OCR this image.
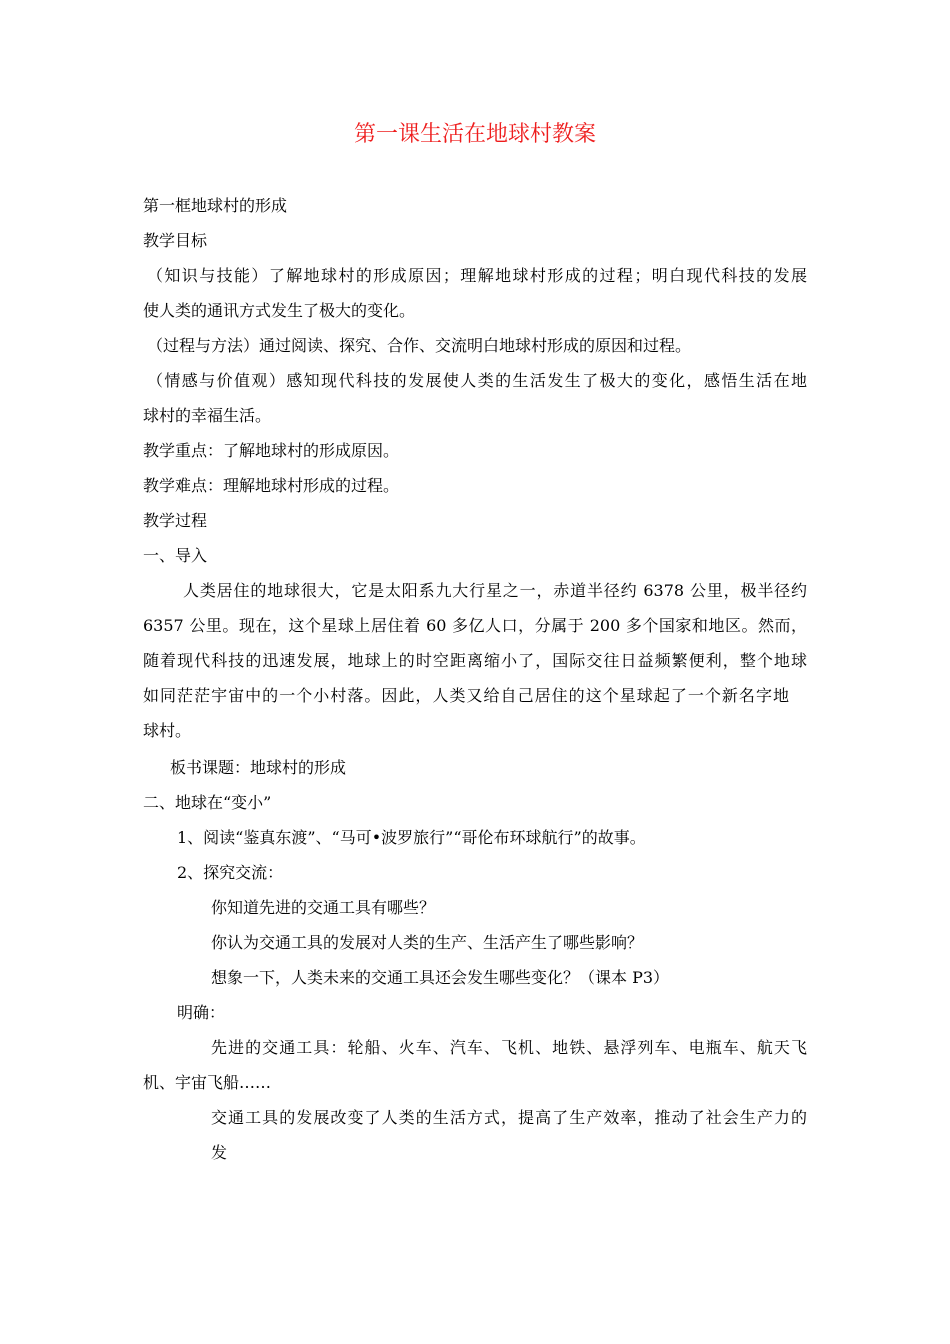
第一课生活在地球村教案
第一框地球村的形成
教学目标
（知识与技能）了解地球村的形成原因；理解地球村形成的过程；明白现代科技的发展
使人类的通讯方式发生了极大的变化。
（过程与方法）通过阅读、探究、合作、交流明白地球村形成的原因和过程。
（情感与价值观）感知现代科技的发展使人类的生活发生了极大的变化，感悟生活在地
球村的幸福生活。
教学重点：了解地球村的形成原因。
教学难点：理解地球村形成的过程。
教学过程
一、导入
人类居住的地球很大，它是太阳系九大行星之一，赤道半径约 6378 公里，极半径约
6357 公里。现在，这个星球上居住着 60 多亿人口，分属于 200 多个国家和地区。然而，
随着现代科技的迅速发展，地球上的时空距离缩小了，国际交往日益频繁便利，整个地球
如同茫茫宇宙中的一个小村落。因此，人类又给自己居住的这个星球起了一个新名字地
球村。
板书课题：地球村的形成
二、地球在“变小”
1、阅读“鉴真东渡”、“马可•波罗旅行”“哥伦布环球航行”的故事。
2、探究交流：
你知道先进的交通工具有哪些？
你认为交通工具的发展对人类的生产、生活产生了哪些影响？
想象一下，人类未来的交通工具还会发生哪些变化？（课本 P3）
明确：
先进的交通工具：轮船、火车、汽车、飞机、地铁、悬浮列车、电瓶车、航天飞
机、宇宙飞船……
交通工具的发展改变了人类的生活方式，提高了生产效率，推动了社会生产力的
发
